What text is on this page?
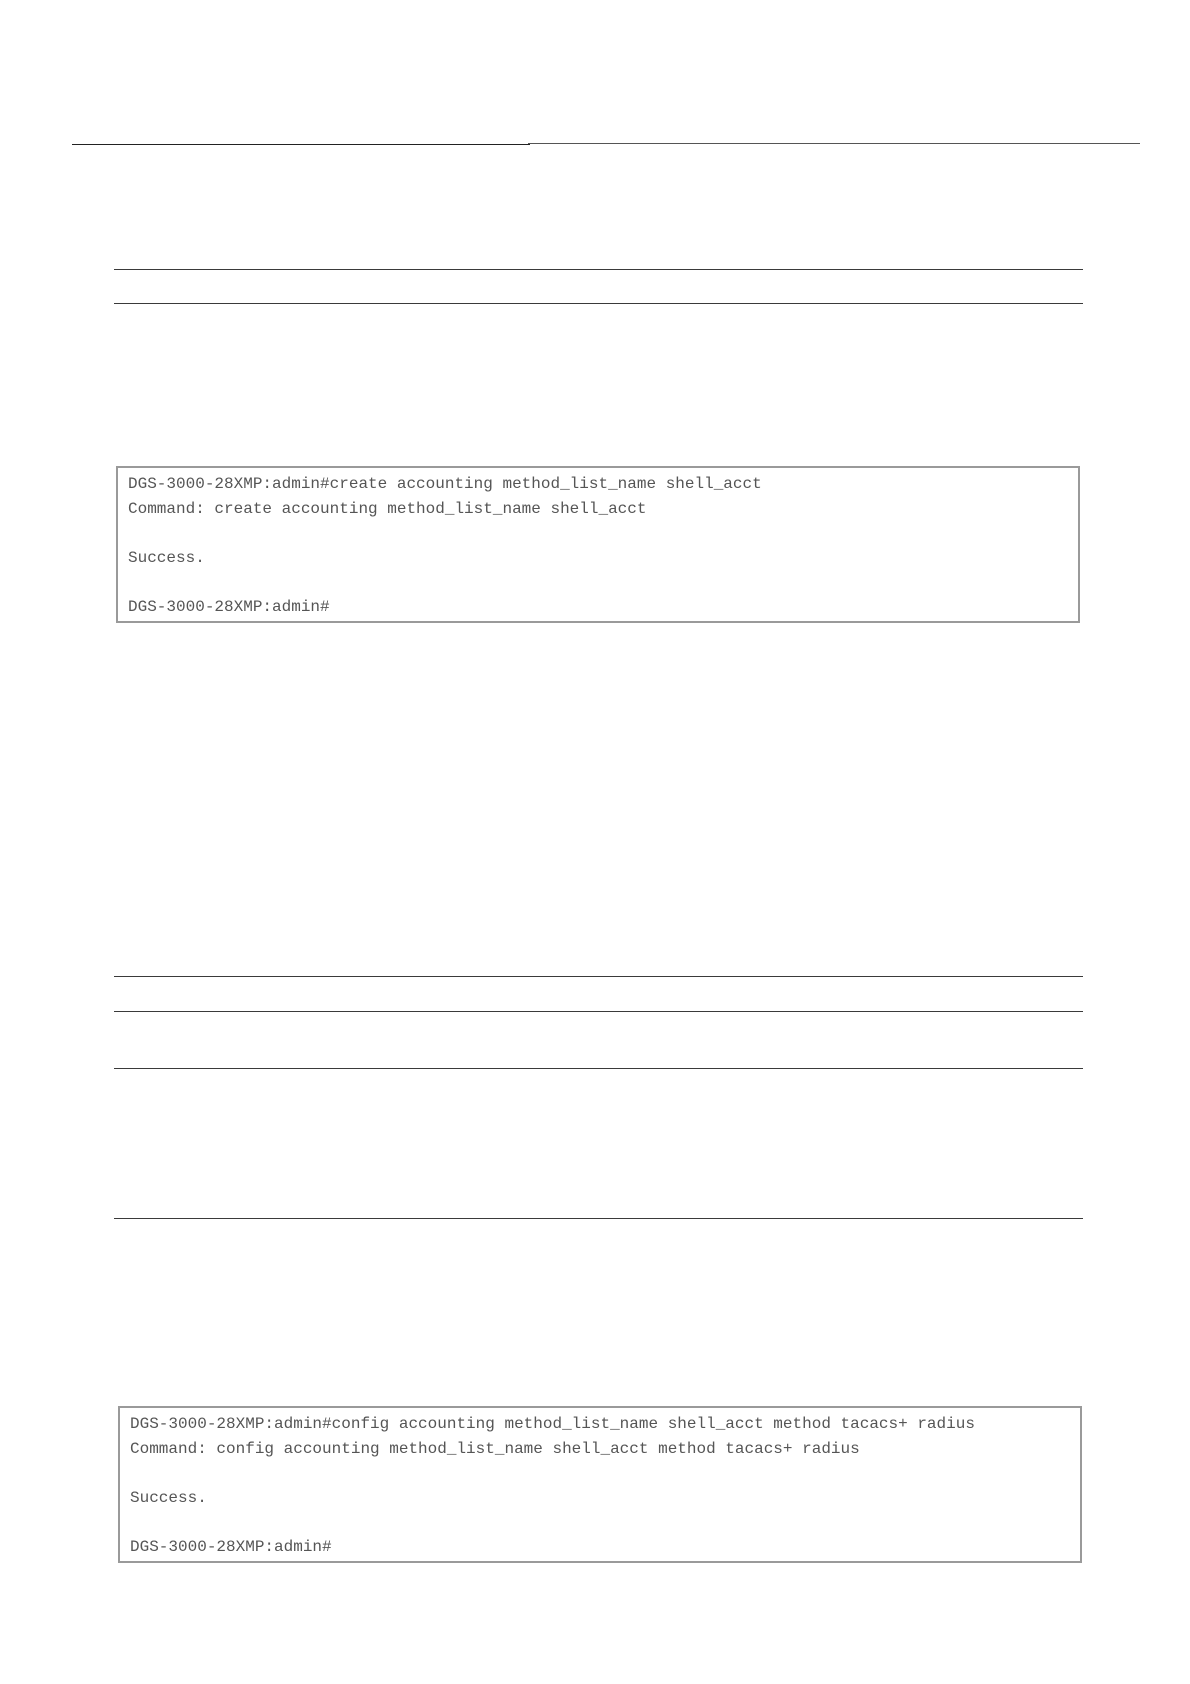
DGS-3000-28XMP:admin#create accounting method_list_name shell_acct
Command: create accounting method_list_name shell_acct
Success.
DGS-3000-28XMP:admin#
DGS-3000-28XMP:admin#config accounting method_list_name shell_acct method tacacs+ radius
Command: config accounting method_list_name shell_acct method tacacs+ radius
Success.
DGS-3000-28XMP:admin#
